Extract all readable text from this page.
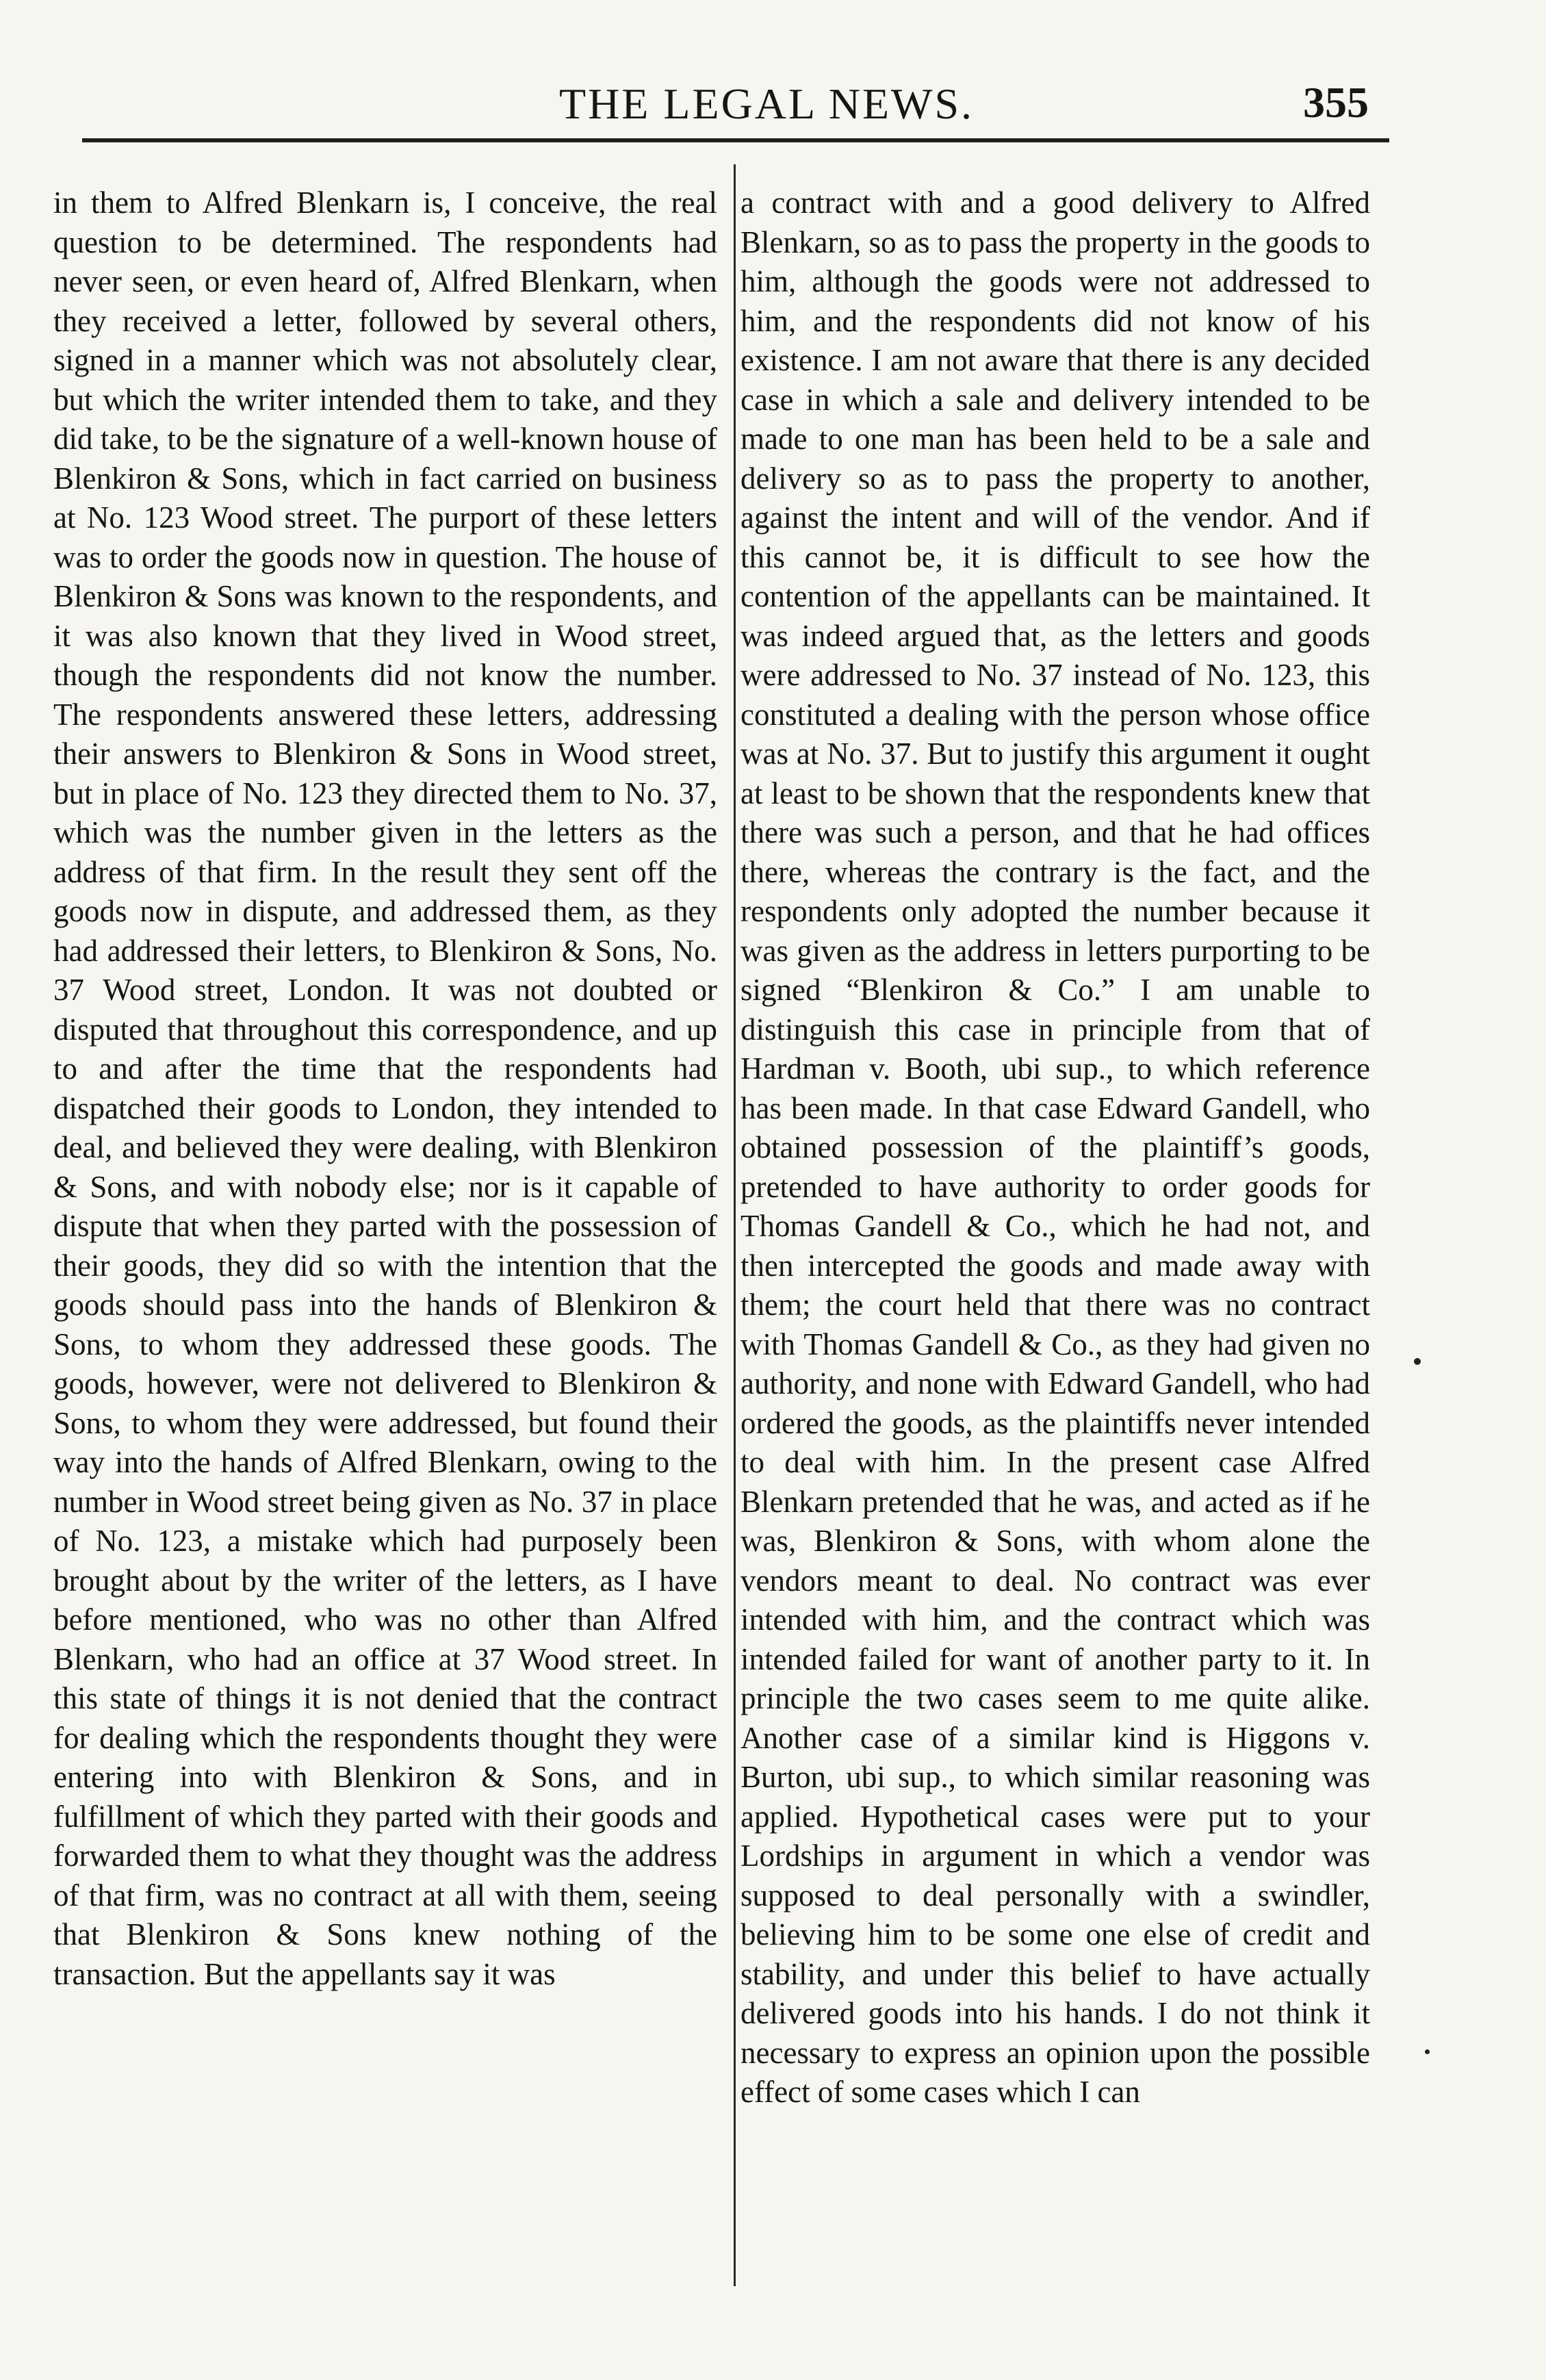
THE LEGAL NEWS.	355

in them to Alfred Blenkarn is, I conceive, the real question to be determined. The respondents had never seen, or even heard of, Alfred Blenkarn, when they received a letter, followed by several others, signed in a manner which was not absolutely clear, but which the writer intended them to take, and they did take, to be the signature of a well-known house of Blenkiron & Sons, which in fact carried on business at No. 123 Wood street. The purport of these letters was to order the goods now in question. The house of Blenkiron & Sons was known to the respondents, and it was also known that they lived in Wood street, though the respondents did not know the number. The respondents answered these letters, addressing their answers to Blenkiron & Sons in Wood street, but in place of No. 123 they directed them to No. 37, which was the number given in the letters as the address of that firm. In the result they sent off the goods now in dispute, and addressed them, as they had addressed their letters, to Blenkiron & Sons, No. 37 Wood street, London. It was not doubted or disputed that throughout this correspondence, and up to and after the time that the respondents had dispatched their goods to London, they intended to deal, and believed they were dealing, with Blenkiron & Sons, and with nobody else; nor is it capable of dispute that when they parted with the possession of their goods, they did so with the intention that the goods should pass into the hands of Blenkiron & Sons, to whom they addressed these goods. The goods, however, were not delivered to Blenkiron & Sons, to whom they were addressed, but found their way into the hands of Alfred Blenkarn, owing to the number in Wood street being given as No. 37 in place of No. 123, a mistake which had purposely been brought about by the writer of the letters, as I have before mentioned, who was no other than Alfred Blenkarn, who had an office at 37 Wood street. In this state of things it is not denied that the contract for dealing which the respondents thought they were entering into with Blenkiron & Sons, and in fulfillment of which they parted with their goods and forwarded them to what they thought was the address of that firm, was no contract at all with them, seeing that Blenkiron & Sons knew nothing of the transaction. But the appellants say it was

a contract with and a good delivery to Alfred Blenkarn, so as to pass the property in the goods to him, although the goods were not addressed to him, and the respondents did not know of his existence. I am not aware that there is any decided case in which a sale and delivery intended to be made to one man has been held to be a sale and delivery so as to pass the property to another, against the intent and will of the vendor. And if this cannot be, it is difficult to see how the contention of the appellants can be maintained. It was indeed argued that, as the letters and goods were addressed to No. 37 instead of No. 123, this constituted a dealing with the person whose office was at No. 37. But to justify this argument it ought at least to be shown that the respondents knew that there was such a person, and that he had offices there, whereas the contrary is the fact, and the respondents only adopted the number because it was given as the address in letters purporting to be signed “Blenkiron & Co.” I am unable to distinguish this case in principle from that of Hardman v. Booth, ubi sup., to which reference has been made. In that case Edward Gandell, who obtained possession of the plaintiff’s goods, pretended to have authority to order goods for Thomas Gandell & Co., which he had not, and then intercepted the goods and made away with them; the court held that there was no contract with Thomas Gandell & Co., as they had given no authority, and none with Edward Gandell, who had ordered the goods, as the plaintiffs never intended to deal with him. In the present case Alfred Blenkarn pretended that he was, and acted as if he was, Blenkiron & Sons, with whom alone the vendors meant to deal. No contract was ever intended with him, and the contract which was intended failed for want of another party to it. In principle the two cases seem to me quite alike. Another case of a similar kind is Higgons v. Burton, ubi sup., to which similar reasoning was applied. Hypothetical cases were put to your Lordships in argument in which a vendor was supposed to deal personally with a swindler, believing him to be some one else of credit and stability, and under this belief to have actually delivered goods into his hands. I do not think it necessary to express an opinion upon the possible effect of some cases which I can
